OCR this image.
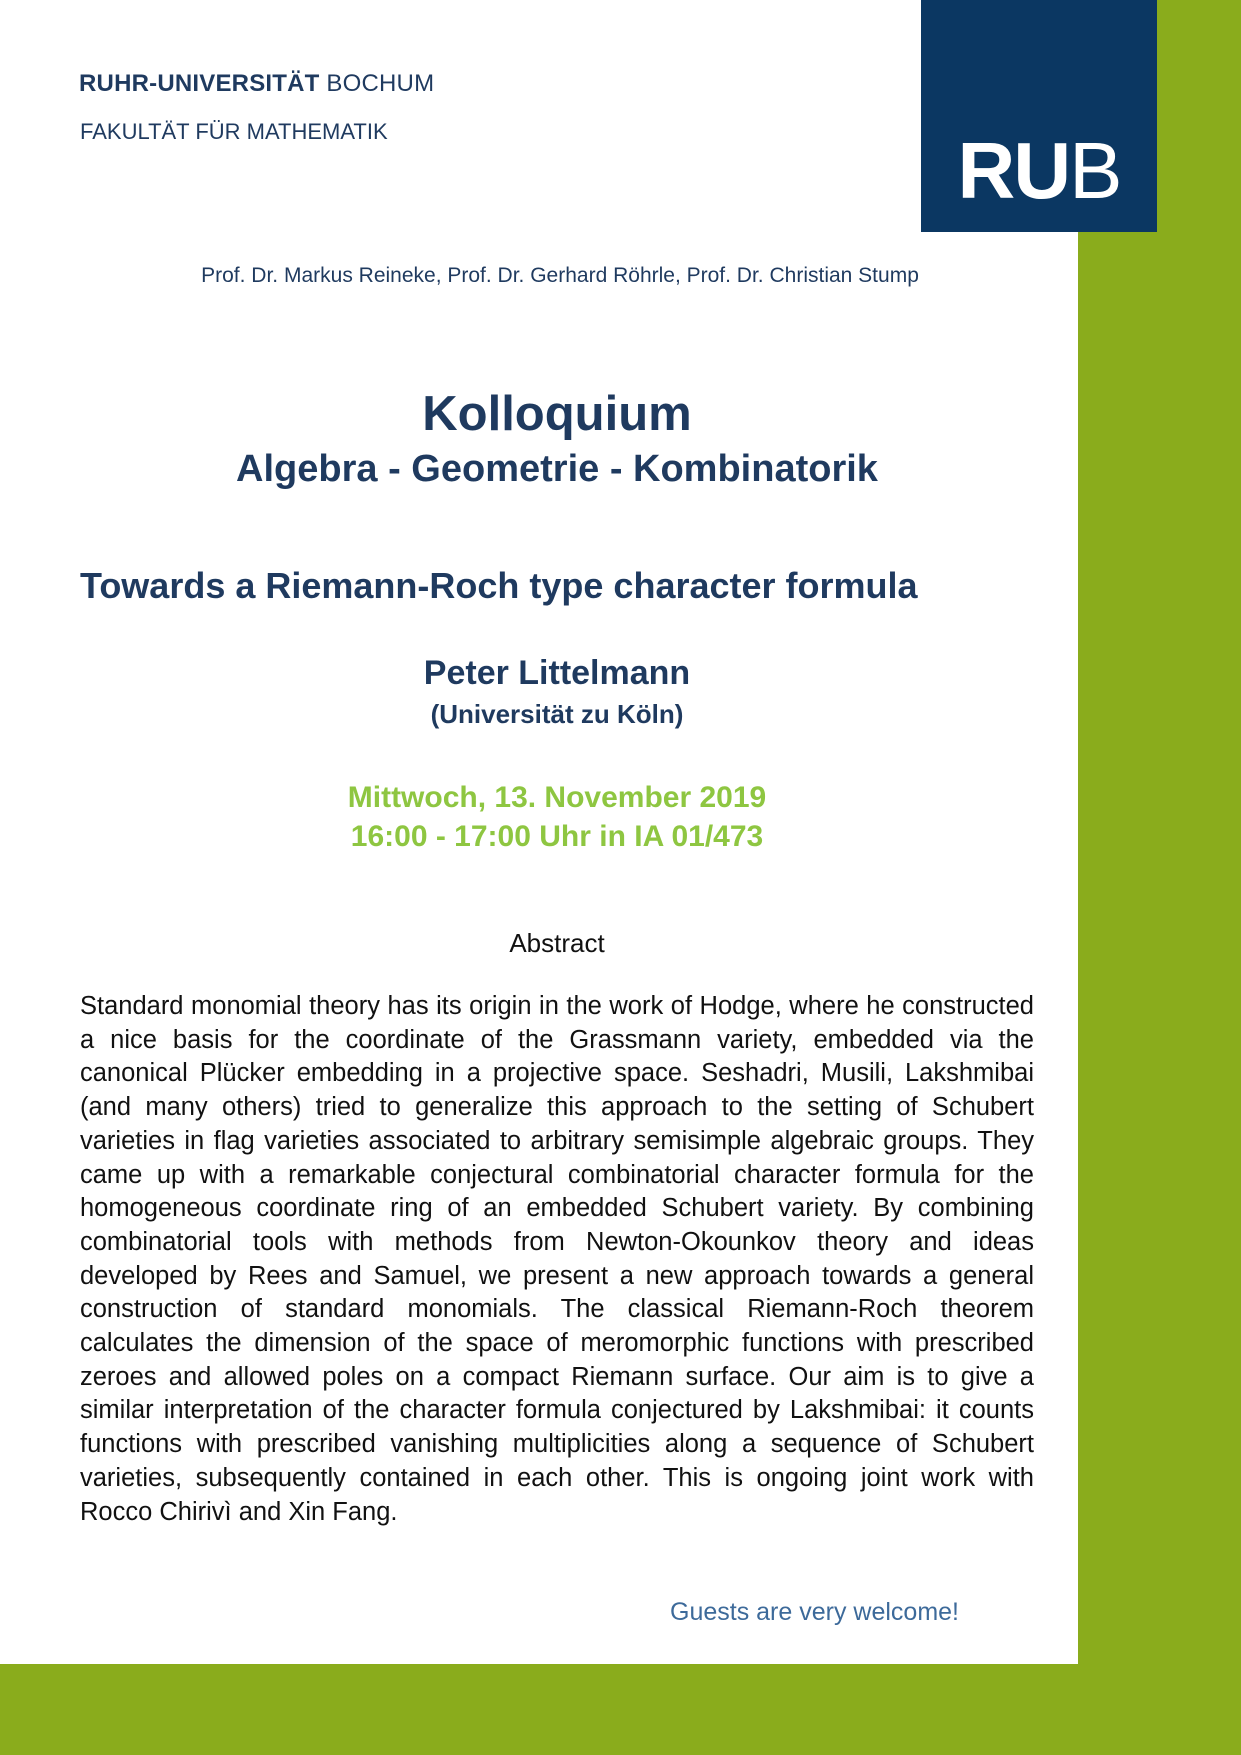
RUB
RUHR-UNIVERSITÄT BOCHUM
FAKULTÄT FÜR MATHEMATIK
Prof. Dr. Markus Reineke, Prof. Dr. Gerhard Röhrle, Prof. Dr. Christian Stump
Kolloquium
Algebra - Geometrie - Kombinatorik
Towards a Riemann-Roch type character formula
Peter Littelmann
(Universität zu Köln)
Mittwoch, 13. November 2019
16:00 - 17:00 Uhr in IA 01/473
Abstract
Standard monomial theory has its origin in the work of Hodge, where he constructed a nice basis for the coordinate of the Grassmann variety, embedded via the canonical Plücker embedding in a projective space. Seshadri, Musili, Lakshmibai (and many others) tried to generalize this approach to the setting of Schubert varieties in flag varieties associated to arbitrary semisimple algebraic groups. They came up with a remarkable conjectural combinatorial character formula for the homogeneous coordinate ring of an embedded Schubert variety. By combining combinatorial tools with methods from Newton-Okounkov theory and ideas developed by Rees and Samuel, we present a new approach towards a general construction of standard monomials. The classical Riemann-Roch theorem calculates the dimension of the space of meromorphic functions with prescribed zeroes and allowed poles on a compact Riemann surface. Our aim is to give a similar interpretation of the character formula conjectured by Lakshmibai: it counts functions with prescribed vanishing multiplicities along a sequence of Schubert varieties, subsequently contained in each other. This is ongoing joint work with Rocco Chirivì and Xin Fang.
Guests are very welcome!
